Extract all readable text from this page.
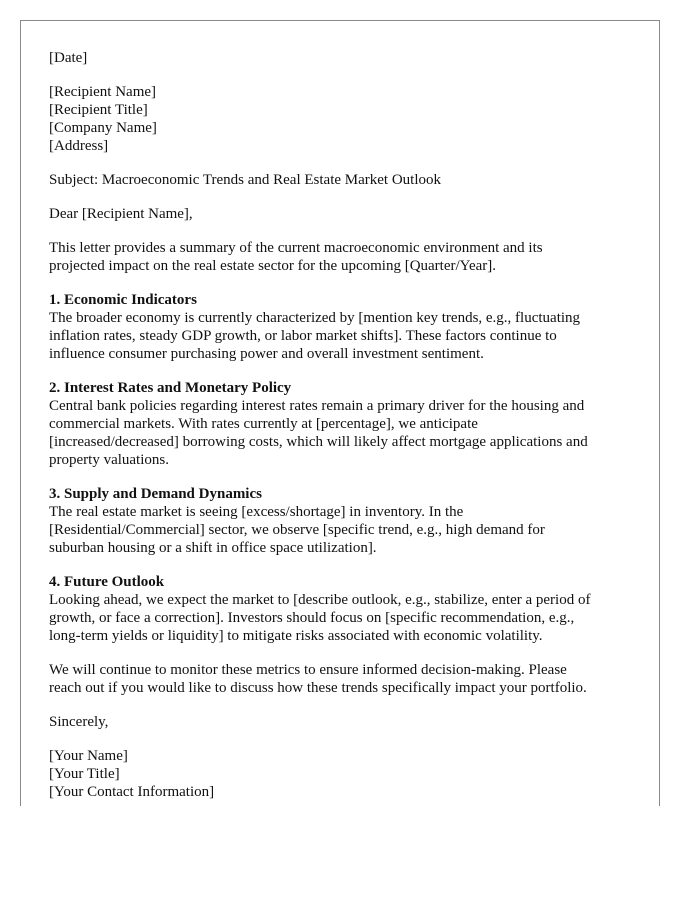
[Date]
[Recipient Name]
[Recipient Title]
[Company Name]
[Address]
Subject: Macroeconomic Trends and Real Estate Market Outlook
Dear [Recipient Name],
This letter provides a summary of the current macroeconomic environment and its
projected impact on the real estate sector for the upcoming [Quarter/Year].
1. Economic Indicators
The broader economy is currently characterized by [mention key trends, e.g., fluctuating
inflation rates, steady GDP growth, or labor market shifts]. These factors continue to
influence consumer purchasing power and overall investment sentiment.
2. Interest Rates and Monetary Policy
Central bank policies regarding interest rates remain a primary driver for the housing and
commercial markets. With rates currently at [percentage], we anticipate
[increased/decreased] borrowing costs, which will likely affect mortgage applications and
property valuations.
3. Supply and Demand Dynamics
The real estate market is seeing [excess/shortage] in inventory. In the
[Residential/Commercial] sector, we observe [specific trend, e.g., high demand for
suburban housing or a shift in office space utilization].
4. Future Outlook
Looking ahead, we expect the market to [describe outlook, e.g., stabilize, enter a period of
growth, or face a correction]. Investors should focus on [specific recommendation, e.g.,
long-term yields or liquidity] to mitigate risks associated with economic volatility.
We will continue to monitor these metrics to ensure informed decision-making. Please
reach out if you would like to discuss how these trends specifically impact your portfolio.
Sincerely,
[Your Name]
[Your Title]
[Your Contact Information]
